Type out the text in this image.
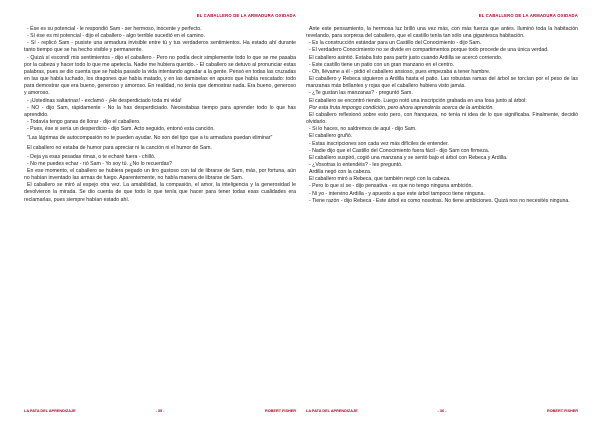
EL CABALLERO DE LA ARMADURA OXIDADA

- Ése es su potencial - le respondió Sam - ser hermoso, inocente y perfecto.

- Sí ése es mi potencial - dijo el caballero - algo terrible sucedió en el camino.

- Sí - replicó Sam - pusiste una armadura invisible entre tú y tus verdaderos sentimientos. Ha estado ahí durante tanto tiempo que se ha hecho visible y permanente.

- Quizá sí escondí mis sentimientos - dijo el caballero - Pero no podía decir simplemente todo lo que se me pasaba por la cabeza y hacer todo lo que me apetecía. Nadie me hubiera querido. - El caballero se detuvo al pronunciar estas palabras, pues se dio cuenta que se había pasado la vida intentando agradar a la gente. Pensó en todas las cruzadas en las que había luchado, los dragones que había matado, y en las damiselas en apuros que había rescatado: todo para demostrar que era bueno, generoso y amoroso. En realidad, no tenía que demostrar nada. Era bueno, generoso y amoroso.

- ¡Ustedinas saltarinas! - exclamó - ¡He desperdiciado toda mi vida!

- NO - dijo Sam, rápidamente - No la has desperdiciado. Necesitabas tiempo para aprender todo lo que has aprendido.

- Todavía tengo ganas de llorar - dijo el caballero.

- Pues, ése si sería un desperdicio - dijo Sam. Acto seguido, entonó esta canción.

"Las lágrimas de autocompasión no te pueden ayudar. No son del tipo que a tu armadura puedan eliminar"

El caballero no estaba de humor para apreciar ni la canción ni el humor de Sam.

- Deja ya esas pesadas rimas, o te echaré fuera - chilló.

- No me puedes echar - rió Sam - Yo soy tú. ¿No lo recuerdas?

En ese momento, el caballero se hubiera pegado un tiro gustoso con tal de librarse de Sam, más, por fortuna, aún no habían inventado las armas de fuego. Aparentemente, no había manera de librarse de Sam.

El caballero se miró al espejo otra vez. La amabilidad, la compasión, el amor, la inteligencia y la generosidad le devolvieron la mirada. Se dio cuenta de que todo lo que tenía que hacer para tener todas esas cualidades era reclamarlas, pues siempre habían estado ahí.

LA PATA DEL APRENDIZAJE	- 35 -	ROBERT FISHER
EL CABALLERO DE LA ARMADURA OXIDADA

Ante este pensamiento, la hermosa luz brilló una vez más, con más fuerza que antes. Iluminó toda la habitación revelando, para sorpresa del caballero, que el castillo tenía tan sólo una gigantesca habitación.

- Es la construcción estándar para un Castillo del Conocimiento - dijo Sam.

- El verdadero Conocimiento no se divide en compartimentos porque todo procede de una única verdad.

El caballero asintió. Estaba listo para partir justo cuando Ardilla se acercó corriendo.

- Este castillo tiene un patio con un gran manzano en el centro.

- Oh, llévame a él - pidió el caballero ansioso, pues empezaba a tener hambre.

El caballero y Rebeca siguieron a Ardilla hasta el patio. Las robustas ramas del árbol se torcían por el peso de las manzanas más brillantes y rojas que el caballero hubiera visto jamás.

- ¿Te gustan las manzanas? - preguntó Sam.

El caballero se encontró riendo. Luego notó una inscripción grabada en una losa junto al árbol:

Por esta fruta impongo condición, pero ahora aprenderás acerca de la ambición.

El caballero reflexionó sobre esto pero, con franqueza, no tenía ni idea de lo que significaba. Finalmente, decidió olvidarlo.

- Si lo haces, no saldremos de aquí - dijo Sam.

El caballero gruñó.

- Estas inscripciones son cada vez más difíciles de entender.

- Nadie dijo que el Castillo del Conocimiento fuera fácil - dijo Sam con firmeza.

El caballero suspiró, cogió una manzana y se sentó bajo el árbol con Rebeca y Ardilla.

- ¿Vosotras lo entendéis? - les preguntó.

Ardilla negó con la cabeza.

El caballero miró a Rebeca, que también negó con la cabeza.

- Pero lo que sí se - dijo pensativa - es que no tengo ninguna ambición.

- Ni yo - intervino Ardilla - y apuesto a que este árbol tampoco tiene ninguna.

- Tiene razón - dijo Rebeca - Este árbol es como nosotras. No tiene ambiciones. Quizá nos no necesités ninguna.

LA PATA DEL APRENDIZAJE	- 36 -	ROBERT FISHER
